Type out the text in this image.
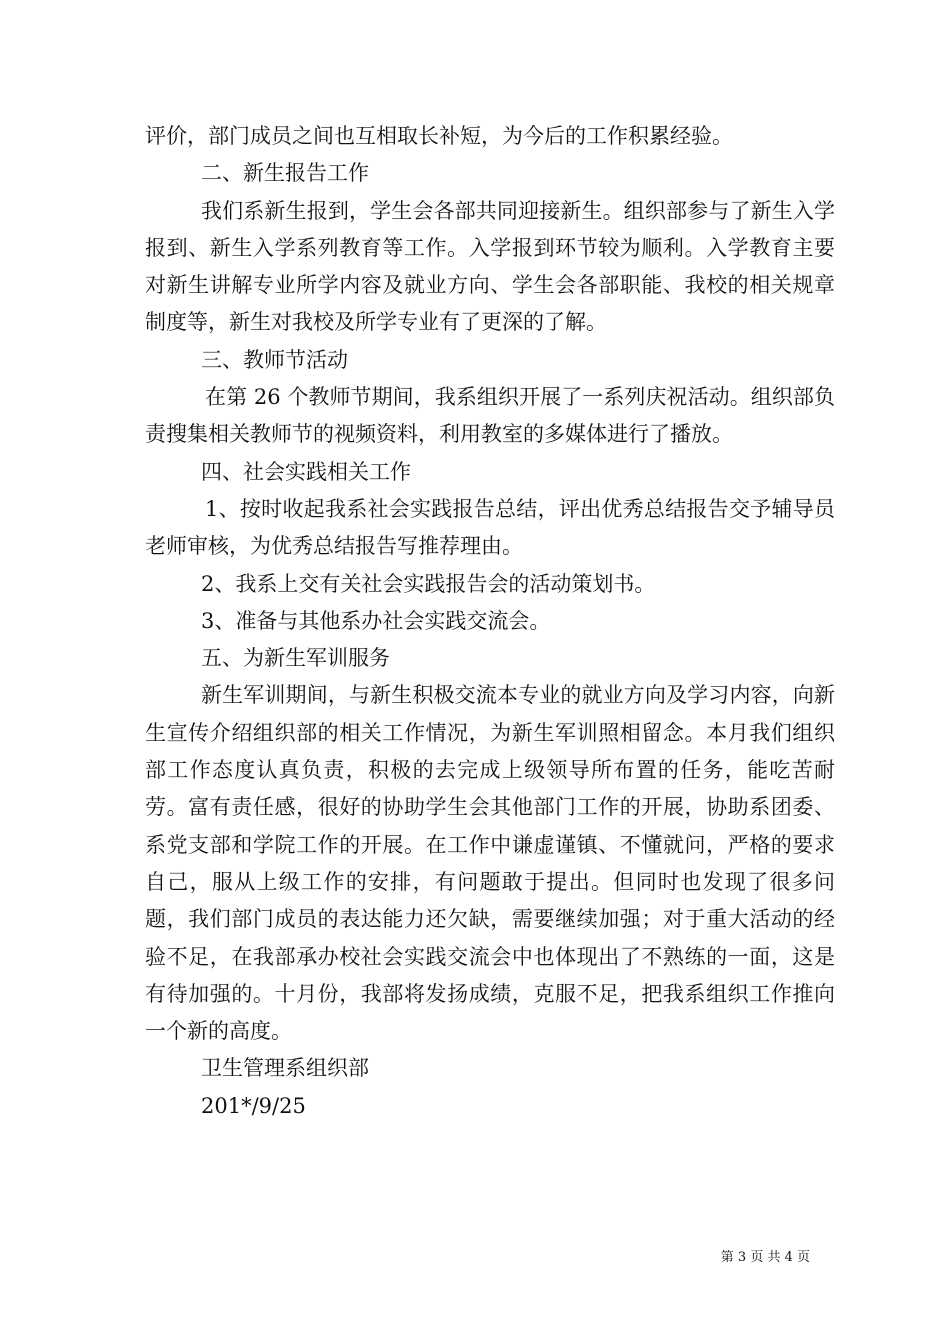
评价，部门成员之间也互相取长补短，为今后的工作积累经验。

二、新生报告工作

我们系新生报到，学生会各部共同迎接新生。组织部参与了新生入学报到、新生入学系列教育等工作。入学报到环节较为顺利。入学教育主要对新生讲解专业所学内容及就业方向、学生会各部职能、我校的相关规章制度等，新生对我校及所学专业有了更深的了解。

三、教师节活动

在第 26 个教师节期间，我系组织开展了一系列庆祝活动。组织部负责搜集相关教师节的视频资料，利用教室的多媒体进行了播放。

四、社会实践相关工作

1、按时收起我系社会实践报告总结，评出优秀总结报告交予辅导员老师审核，为优秀总结报告写推荐理由。

2、我系上交有关社会实践报告会的活动策划书。

3、准备与其他系办社会实践交流会。

五、为新生军训服务

新生军训期间，与新生积极交流本专业的就业方向及学习内容，向新生宣传介绍组织部的相关工作情况，为新生军训照相留念。本月我们组织部工作态度认真负责，积极的去完成上级领导所布置的任务，能吃苦耐劳。富有责任感，很好的协助学生会其他部门工作的开展，协助系团委、系党支部和学院工作的开展。在工作中谦虚谨镇、不懂就问，严格的要求自己，服从上级工作的安排，有问题敢于提出。但同时也发现了很多问题，我们部门成员的表达能力还欠缺，需要继续加强；对于重大活动的经验不足，在我部承办校社会实践交流会中也体现出了不熟练的一面，这是有待加强的。十月份，我部将发扬成绩，克服不足，把我系组织工作推向一个新的高度。

卫生管理系组织部

201*/9/25

第 3 页 共 4 页
